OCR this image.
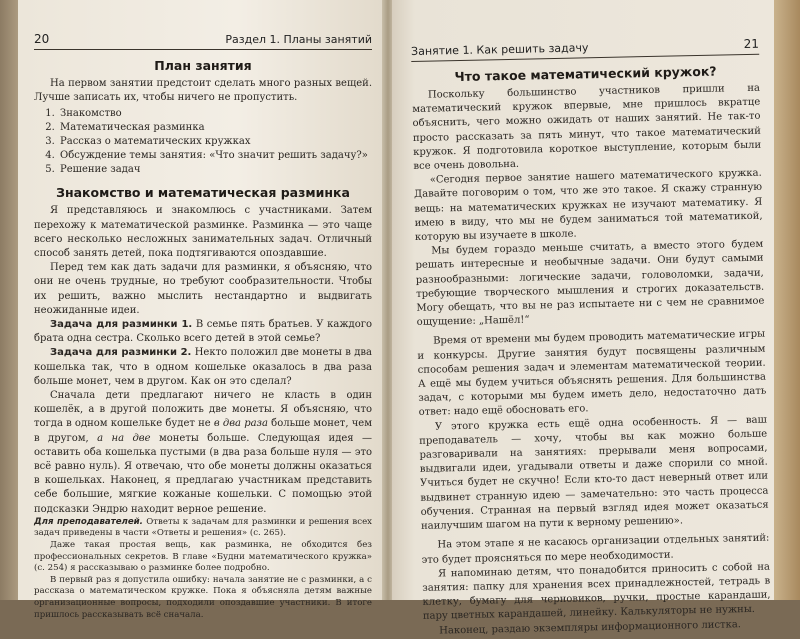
20	Раздел 1. Планы занятий
План занятия

На первом занятии предстоит сделать много разных вещей. Лучше записать их, чтобы ничего не пропустить.

1. Знакомство
2. Математическая разминка
3. Рассказ о математических кружках
4. Обсуждение темы занятия: «Что значит решить задачу?»
5. Решение задач
Знакомство и математическая разминка

Я представляюсь и знакомлюсь с участниками. Затем перехожу к математической разминке. Разминка — это чаще всего несколько несложных занимательных задач. Отличный способ занять детей, пока подтягиваются опоздавшие.

Перед тем как дать задачи для разминки, я объясняю, что они не очень трудные, но требуют сообразительности. Чтобы их решить, важно мыслить нестандартно и выдвигать неожиданные идеи.

Задача для разминки 1. В семье пять братьев. У каждого брата одна сестра. Сколько всего детей в этой семье?

Задача для разминки 2. Некто положил две монеты в два кошелька так, что в одном кошельке оказалось в два раза больше монет, чем в другом. Как он это сделал?

Сначала дети предлагают ничего не класть в один кошелёк, а в другой положить две монеты. Я объясняю, что тогда в одном кошельке будет не в два раза больше монет, чем в другом, а на две монеты больше. Следующая идея — оставить оба кошелька пустыми (в два раза больше нуля — это всё равно нуль). Я отвечаю, что обе монеты должны оказаться в кошельках. Наконец, я предлагаю участникам представить себе большие, мягкие кожаные кошельки. С помощью этой подсказки Эндрю находит верное решение.

Для преподавателей. Ответы к задачам для разминки и решения всех задач приведены в части «Ответы и решения» (с. 265).

Даже такая простая вещь, как разминка, не обходится без профессиональных секретов. В главе «Будни математического кружка» (с. 254) я рассказываю о разминке более подробно.

В первый раз я допустила ошибку: начала занятие не с разминки, а с рассказа о математическом кружке. Пока я объясняла детям важные организационные вопросы, подходили опоздавшие участники. В итоге пришлось рассказывать всё сначала.

Занятие 1. Как решить задачу	21
Что такое математический кружок?

Поскольку большинство участников пришли на математический кружок впервые, мне пришлось вкратце объяснить, чего можно ожидать от наших занятий. Не так-то просто рассказать за пять минут, что такое математический кружок. Я подготовила короткое выступление, которым были все очень довольна.

«Сегодня первое занятие нашего математического кружка. Давайте поговорим о том, что же это такое. Я скажу странную вещь: на математических кружках не изучают математику. Я имею в виду, что мы не будем заниматься той математикой, которую вы изучаете в школе.

Мы будем гораздо меньше считать, а вместо этого будем решать интересные и необычные задачи. Они будут самыми разнообразными: логические задачи, головоломки, задачи, требующие творческого мышления и строгих доказательств. Могу обещать, что вы не раз испытаете ни с чем не сравнимое ощущение: „Нашёл!“

Время от времени мы будем проводить математические игры и конкурсы. Другие занятия будут посвящены различным способам решения задач и элементам математической теории. А ещё мы будем учиться объяснять решения. Для большинства задач, с которыми мы будем иметь дело, недостаточно дать ответ: надо ещё обосновать его.

У этого кружка есть ещё одна особенность. Я — ваш преподаватель — хочу, чтобы вы как можно больше разговаривали на занятиях: прерывали меня вопросами, выдвигали идеи, угадывали ответы и даже спорили со мной. Учиться будет не скучно! Если кто-то даст неверный ответ или выдвинет странную идею — замечательно: это часть процесса обучения. Странная на первый взгляд идея может оказаться наилучшим шагом на пути к верному решению».

На этом этапе я не касаюсь организации отдельных занятий: это будет проясняться по мере необходимости.

Я напоминаю детям, что понадобится приносить с собой на занятия: папку для хранения всех принадлежностей, тетрадь в клетку, бумагу для черновиков, ручки, простые карандаши, пару цветных карандашей, линейку. Калькуляторы не нужны.

Наконец, раздаю экземпляры информационного листка.
